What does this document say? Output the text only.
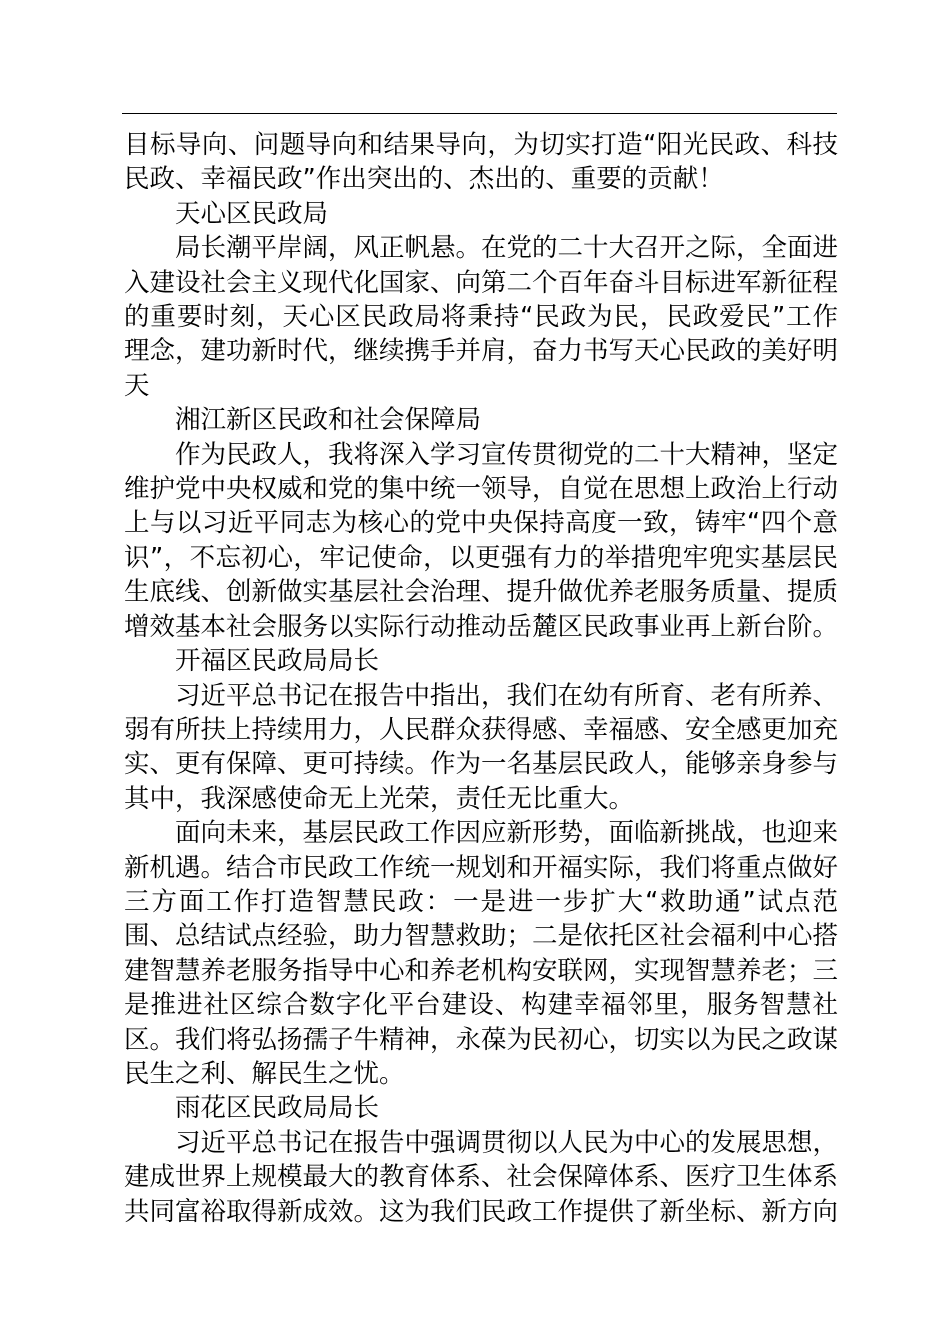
目标导向、问题导向和结果导向，为切实打造“阳光民政、科技民政、幸福民政”作出突出的、杰出的、重要的贡献！

天心区民政局

局长潮平岸阔，风正帆悬。在党的二十大召开之际，全面进入建设社会主义现代化国家、向第二个百年奋斗目标进军新征程的重要时刻，天心区民政局将秉持“民政为民，民政爱民”工作理念，建功新时代，继续携手并肩，奋力书写天心民政的美好明天

湘江新区民政和社会保障局

作为民政人，我将深入学习宣传贯彻党的二十大精神，坚定维护党中央权威和党的集中统一领导，自觉在思想上政治上行动上与以习近平同志为核心的党中央保持高度一致，铸牢“四个意识”，不忘初心，牢记使命，以更强有力的举措兜牢兜实基层民生底线、创新做实基层社会治理、提升做优养老服务质量、提质增效基本社会服务以实际行动推动岳麓区民政事业再上新台阶。

开福区民政局局长

习近平总书记在报告中指出，我们在幼有所育、老有所养、弱有所扶上持续用力，人民群众获得感、幸福感、安全感更加充实、更有保障、更可持续。作为一名基层民政人，能够亲身参与其中，我深感使命无上光荣，责任无比重大。

面向未来，基层民政工作因应新形势，面临新挑战，也迎来新机遇。结合市民政工作统一规划和开福实际，我们将重点做好三方面工作打造智慧民政：一是进一步扩大“救助通”试点范围、总结试点经验，助力智慧救助；二是依托区社会福利中心搭建智慧养老服务指导中心和养老机构安联网，实现智慧养老；三是推进社区综合数字化平台建设、构建幸福邻里，服务智慧社区。我们将弘扬孺子牛精神，永葆为民初心，切实以为民之政谋民生之利、解民生之忧。

雨花区民政局局长

习近平总书记在报告中强调贯彻以人民为中心的发展思想，建成世界上规模最大的教育体系、社会保障体系、医疗卫生体系共同富裕取得新成效。这为我们民政工作提供了新坐标、新方向
